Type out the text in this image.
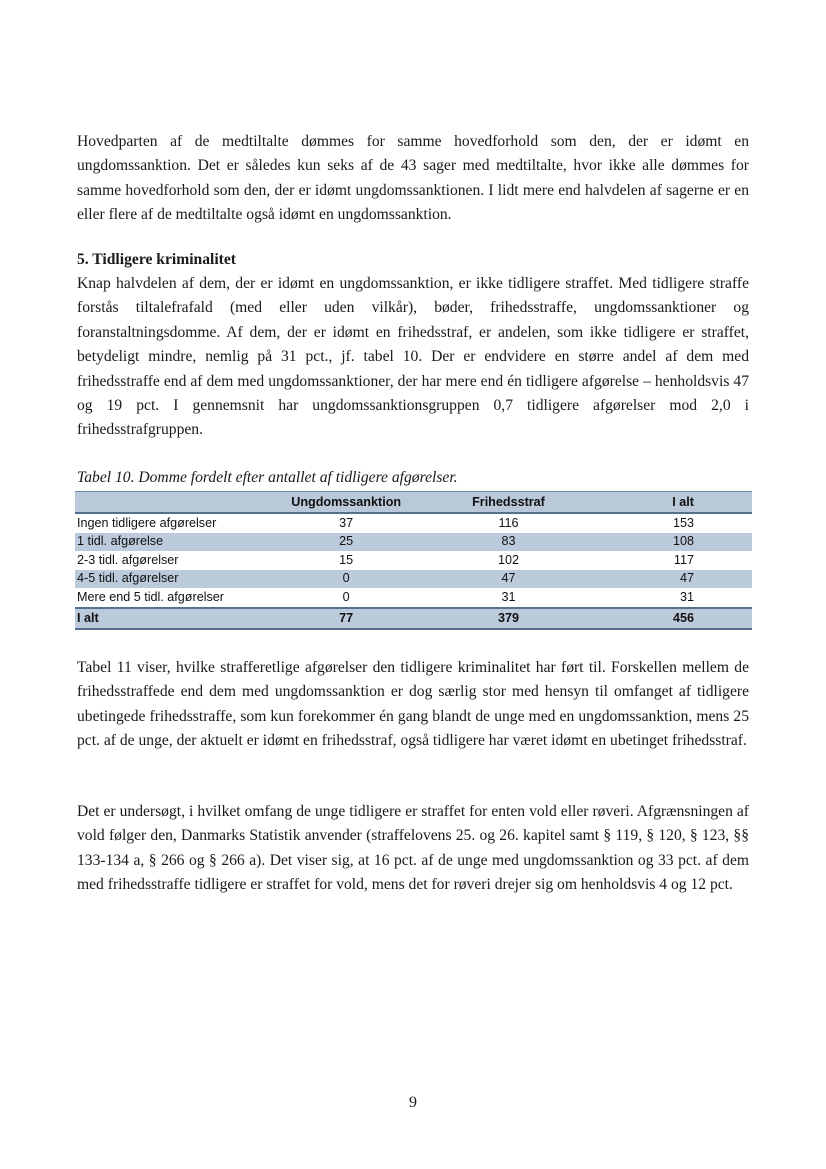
Hovedparten af de medtiltalte dømmes for samme hovedforhold som den, der er idømt en ungdomssanktion. Det er således kun seks af de 43 sager med medtiltalte, hvor ikke alle dømmes for samme hovedforhold som den, der er idømt ungdomssanktionen. I lidt mere end halvdelen af sagerne er en eller flere af de medtiltalte også idømt en ungdomssanktion.

5. Tidligere kriminalitet

Knap halvdelen af dem, der er idømt en ungdomssanktion, er ikke tidligere straffet. Med tidligere straffe forstås tiltalefrafald (med eller uden vilkår), bøder, frihedsstraffe, ungdomssanktioner og foranstaltningsdomme. Af dem, der er idømt en frihedsstraf, er andelen, som ikke tidligere er straffet, betydeligt mindre, nemlig på 31 pct., jf. tabel 10. Der er endvidere en større andel af dem med frihedsstraffe end af dem med ungdomssanktioner, der har mere end én tidligere afgørelse – henholdsvis 47 og 19 pct. I gennemsnit har ungdomssanktionsgruppen 0,7 tidligere afgørelser mod 2,0 i frihedsstrafgruppen.

Tabel 10. Domme fordelt efter antallet af tidligere afgørelser.

	Ungdomssanktion	Frihedsstraf	I alt
Ingen tidligere afgørelser	37	116	153
1 tidl. afgørelse	25	83	108
2-3 tidl. afgørelser	15	102	117
4-5 tidl. afgørelser	0	47	47
Mere end 5 tidl. afgørelser	0	31	31
I alt	77	379	456

Tabel 11 viser, hvilke strafferetlige afgørelser den tidligere kriminalitet har ført til. Forskellen mellem de frihedsstraffede end dem med ungdomssanktion er dog særlig stor med hensyn til omfanget af tidligere ubetingede frihedsstraffe, som kun forekommer én gang blandt de unge med en ungdomssanktion, mens 25 pct. af de unge, der aktuelt er idømt en frihedsstraf, også tidligere har været idømt en ubetinget frihedsstraf.

Det er undersøgt, i hvilket omfang de unge tidligere er straffet for enten vold eller røveri. Afgrænsningen af vold følger den, Danmarks Statistik anvender (straffelovens 25. og 26. kapitel samt § 119, § 120, § 123, §§ 133-134 a, § 266 og § 266 a). Det viser sig, at 16 pct. af de unge med ungdomssanktion og 33 pct. af dem med frihedsstraffe tidligere er straffet for vold, mens det for røveri drejer sig om henholdsvis 4 og 12 pct.

9
